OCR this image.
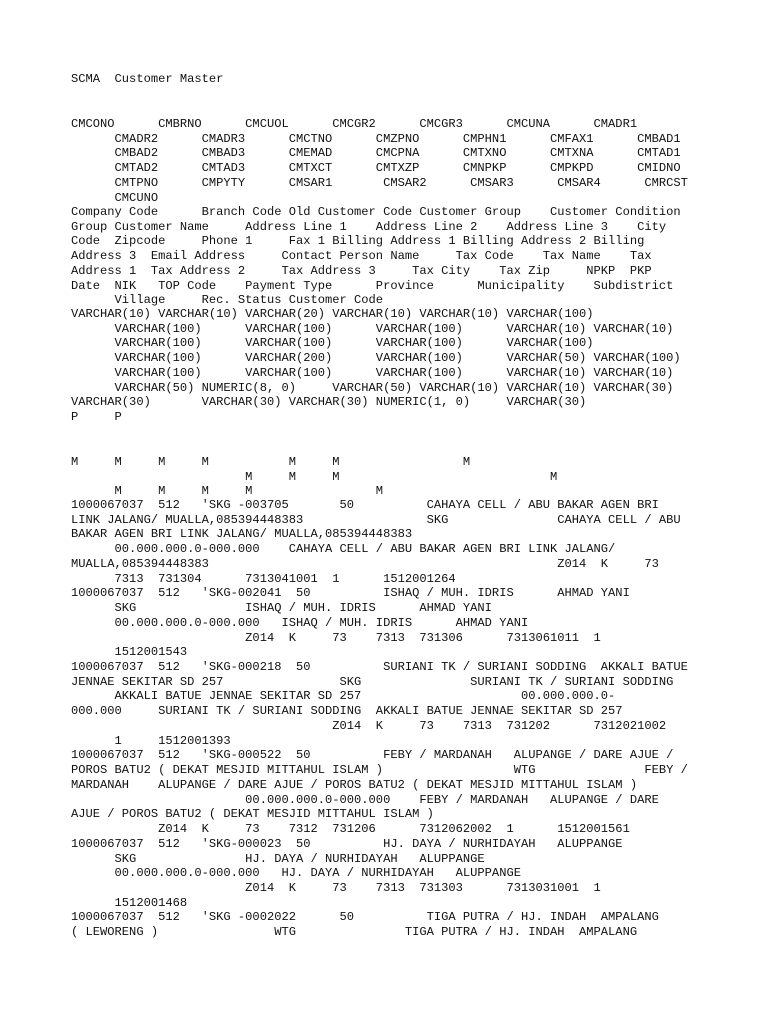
SCMA  Customer Master
CMCONO      CMBRNO      CMCUOL      CMCGR2      CMCGR3      CMCUNA      CMADR1
CMADR2      CMADR3      CMCTNO      CMZPNO      CMPHN1      CMFAX1      CMBAD1
CMBAD2      CMBAD3      CMEMAD      CMCPNA      CMTXNO      CMTXNA      CMTAD1
CMTAD2      CMTAD3      CMTXCT      CMTXZP      CMNPKP      CMPKPD      CMIDNO
CMTPNO      CMPYTY      CMSAR1       CMSAR2      CMSAR3      CMSAR4      CMRCST
CMCUNO
Company Code      Branch Code Old Customer Code Customer Group    Customer Condition
Group Customer Name     Address Line 1    Address Line 2    Address Line 3    City
Code  Zipcode     Phone 1     Fax 1 Billing Address 1 Billing Address 2 Billing
Address 3  Email Address     Contact Person Name     Tax Code    Tax Name    Tax
Address 1  Tax Address 2     Tax Address 3     Tax City    Tax Zip     NPKP  PKP
Date  NIK   TOP Code    Payment Type      Province      Municipality    Subdistrict
Village     Rec. Status Customer Code
VARCHAR(10) VARCHAR(10) VARCHAR(20) VARCHAR(10) VARCHAR(10) VARCHAR(100)
VARCHAR(100)      VARCHAR(100)      VARCHAR(100)      VARCHAR(10) VARCHAR(10)
VARCHAR(100)      VARCHAR(100)      VARCHAR(100)      VARCHAR(100)
VARCHAR(100)      VARCHAR(200)      VARCHAR(100)      VARCHAR(50) VARCHAR(100)
VARCHAR(100)      VARCHAR(100)      VARCHAR(100)      VARCHAR(10) VARCHAR(10)
VARCHAR(50) NUMERIC(8, 0)     VARCHAR(50) VARCHAR(10) VARCHAR(10) VARCHAR(30)
VARCHAR(30)       VARCHAR(30) VARCHAR(30) NUMERIC(1, 0)     VARCHAR(30)
P     P
M     M     M     M           M     M                 M
M     M     M                             M
M     M     M     M                 M
1000067037  512   'SKG -003705       50          CAHAYA CELL / ABU BAKAR AGEN BRI
LINK JALANG/ MUALLA,085394448383                 SKG               CAHAYA CELL / ABU
BAKAR AGEN BRI LINK JALANG/ MUALLA,085394448383
00.000.000.0-000.000    CAHAYA CELL / ABU BAKAR AGEN BRI LINK JALANG/
MUALLA,085394448383                                                Z014  K     73
7313  731304      7313041001  1      1512001264
1000067037  512   'SKG-002041  50          ISHAQ / MUH. IDRIS      AHMAD YANI
SKG               ISHAQ / MUH. IDRIS      AHMAD YANI
00.000.000.0-000.000   ISHAQ / MUH. IDRIS      AHMAD YANI
Z014  K     73    7313  731306      7313061011  1
1512001543
1000067037  512   'SKG-000218  50          SURIANI TK / SURIANI SODDING  AKKALI BATUE
JENNAE SEKITAR SD 257                SKG               SURIANI TK / SURIANI SODDING
AKKALI BATUE JENNAE SEKITAR SD 257                      00.000.000.0-
000.000     SURIANI TK / SURIANI SODDING  AKKALI BATUE JENNAE SEKITAR SD 257
Z014  K     73    7313  731202      7312021002
1     1512001393
1000067037  512   'SKG-000522  50          FEBY / MARDANAH   ALUPANGE / DARE AJUE /
POROS BATU2 ( DEKAT MESJID MITTAHUL ISLAM )                  WTG               FEBY /
MARDANAH    ALUPANGE / DARE AJUE / POROS BATU2 ( DEKAT MESJID MITTAHUL ISLAM )
00.000.000.0-000.000    FEBY / MARDANAH   ALUPANGE / DARE
AJUE / POROS BATU2 ( DEKAT MESJID MITTAHUL ISLAM )
Z014  K     73    7312  731206      7312062002  1      1512001561
1000067037  512   'SKG-000023  50          HJ. DAYA / NURHIDAYAH   ALUPPANGE
SKG               HJ. DAYA / NURHIDAYAH   ALUPPANGE
00.000.000.0-000.000   HJ. DAYA / NURHIDAYAH   ALUPPANGE
Z014  K     73    7313  731303      7313031001  1
1512001468
1000067037  512   'SKG -0002022      50          TIGA PUTRA / HJ. INDAH  AMPALANG
( LEWORENG )                WTG               TIGA PUTRA / HJ. INDAH  AMPALANG
